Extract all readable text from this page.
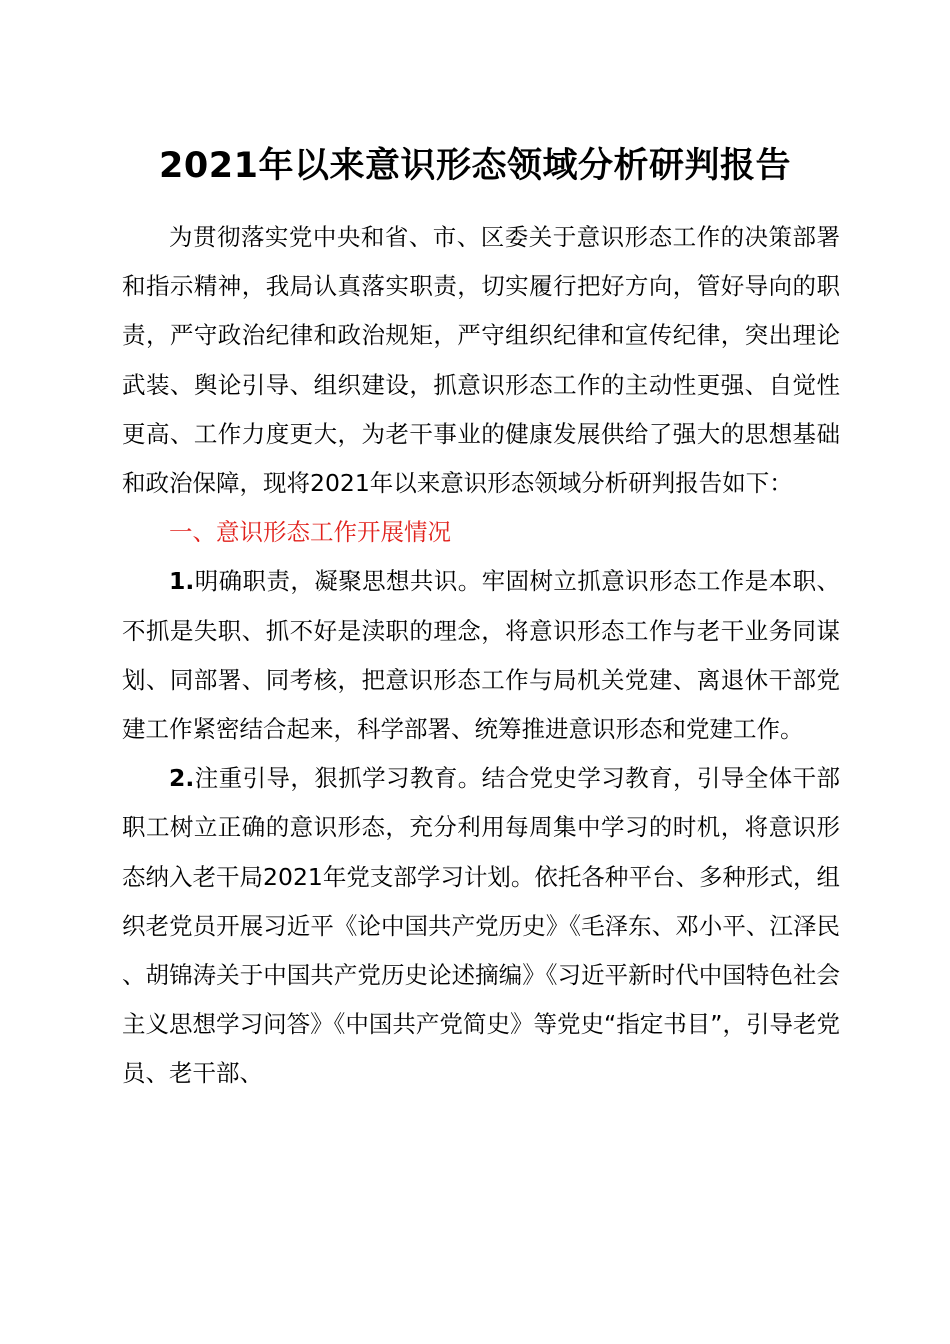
2021年以来意识形态领域分析研判报告

为贯彻落实党中央和省、市、区委关于意识形态工作的决策部署和指示精神，我局认真落实职责，切实履行把好方向，管好导向的职责，严守政治纪律和政治规矩，严守组织纪律和宣传纪律，突出理论武装、舆论引导、组织建设，抓意识形态工作的主动性更强、自觉性更高、工作力度更大，为老干事业的健康发展供给了强大的思想基础和政治保障，现将2021年以来意识形态领域分析研判报告如下：

一、意识形态工作开展情况

1.明确职责，凝聚思想共识。牢固树立抓意识形态工作是本职、不抓是失职、抓不好是渎职的理念，将意识形态工作与老干业务同谋划、同部署、同考核，把意识形态工作与局机关党建、离退休干部党建工作紧密结合起来，科学部署、统筹推进意识形态和党建工作。

2.注重引导，狠抓学习教育。结合党史学习教育，引导全体干部职工树立正确的意识形态，充分利用每周集中学习的时机，将意识形态纳入老干局2021年党支部学习计划。依托各种平台、多种形式，组织老党员开展习近平《论中国共产党历史》《毛泽东、邓小平、江泽民、胡锦涛关于中国共产党历史论述摘编》《习近平新时代中国特色社会主义思想学习问答》《中国共产党简史》等党史“指定书目”，引导老党员、老干部、
